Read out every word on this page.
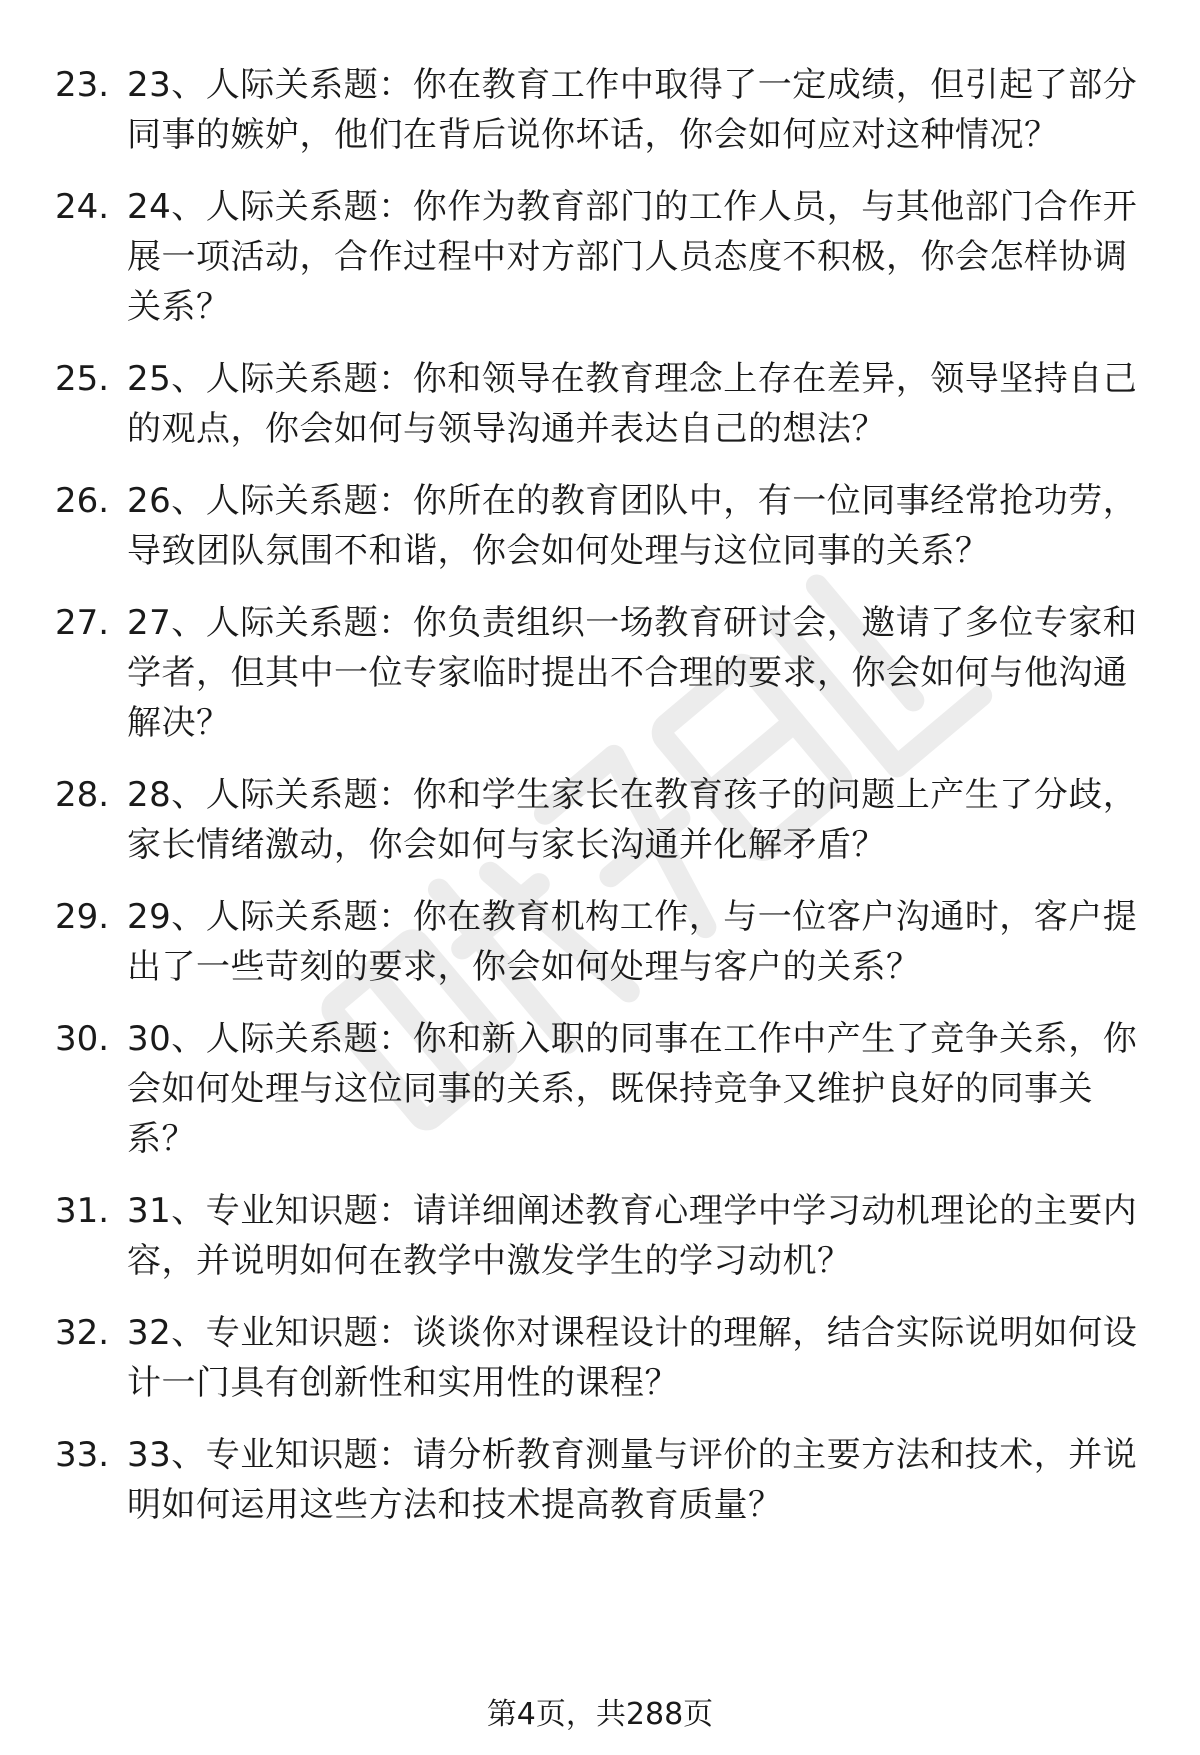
23. 23、人际关系题：你在教育工作中取得了一定成绩，但引起了部分同事的嫉妒，他们在背后说你坏话，你会如何应对这种情况？
24. 24、人际关系题：你作为教育部门的工作人员，与其他部门合作开展一项活动，合作过程中对方部门人员态度不积极，你会怎样协调关系？
25. 25、人际关系题：你和领导在教育理念上存在差异，领导坚持自己的观点，你会如何与领导沟通并表达自己的想法？
26. 26、人际关系题：你所在的教育团队中，有一位同事经常抢功劳，导致团队氛围不和谐，你会如何处理与这位同事的关系？
27. 27、人际关系题：你负责组织一场教育研讨会，邀请了多位专家和学者，但其中一位专家临时提出不合理的要求，你会如何与他沟通解决？
28. 28、人际关系题：你和学生家长在教育孩子的问题上产生了分歧，家长情绪激动，你会如何与家长沟通并化解矛盾？
29. 29、人际关系题：你在教育机构工作，与一位客户沟通时，客户提出了一些苛刻的要求，你会如何处理与客户的关系？
30. 30、人际关系题：你和新入职的同事在工作中产生了竞争关系，你会如何处理与这位同事的关系，既保持竞争又维护良好的同事关系？
31. 31、专业知识题：请详细阐述教育心理学中学习动机理论的主要内容，并说明如何在教学中激发学生的学习动机？
32. 32、专业知识题：谈谈你对课程设计的理解，结合实际说明如何设计一门具有创新性和实用性的课程？
33. 33、专业知识题：请分析教育测量与评价的主要方法和技术，并说明如何运用这些方法和技术提高教育质量？
第4页，共288页
